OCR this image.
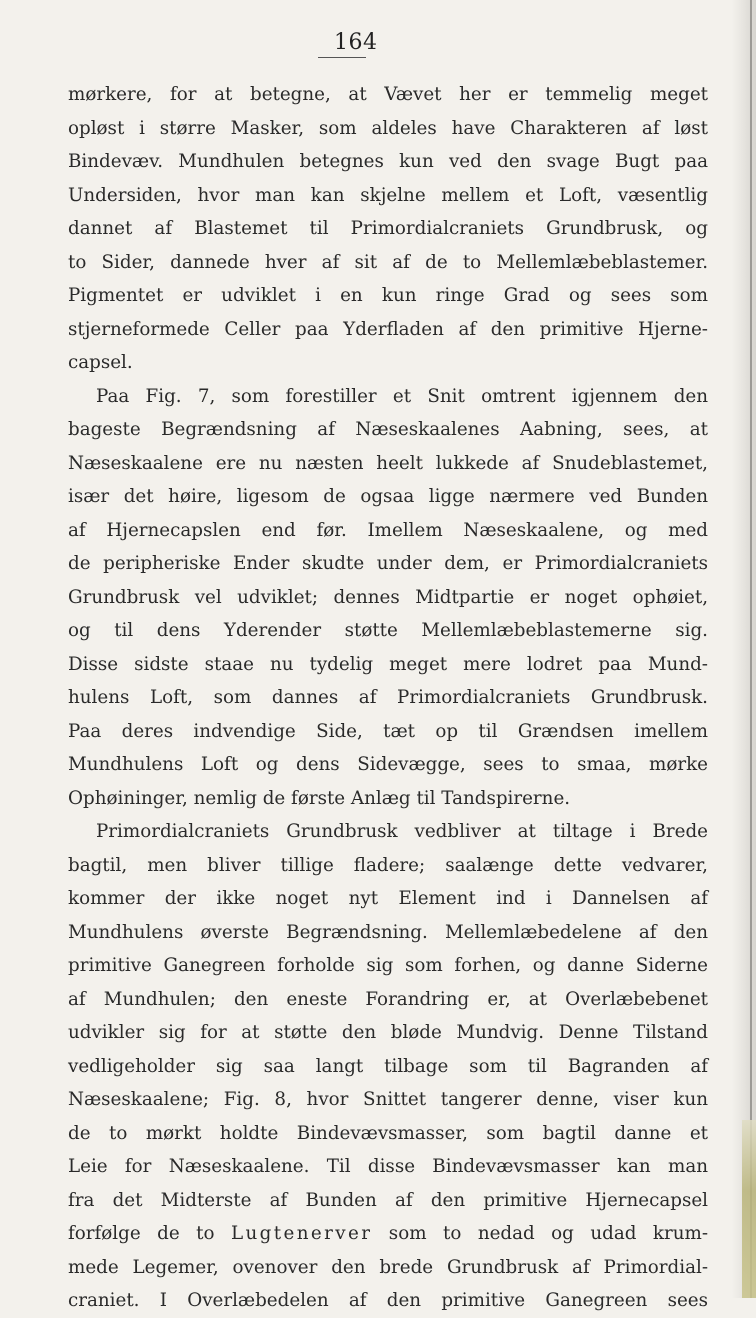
164
mørkere, for at betegne, at Vævet her er temmelig meget
opløst i større Masker, som aldeles have Charakteren af løst
Bindevæv. Mundhulen betegnes kun ved den svage Bugt paa
Undersiden, hvor man kan skjelne mellem et Loft, væsentlig
dannet af Blastemet til Primordialcraniets Grundbrusk, og
to Sider, dannede hver af sit af de to Mellemlæbeblastemer.
Pigmentet er udviklet i en kun ringe Grad og sees som
stjerneformede Celler paa Yderfladen af den primitive Hjerne-
capsel.
Paa Fig. 7, som forestiller et Snit omtrent igjennem den
bageste Begrændsning af Næseskaalenes Aabning, sees, at
Næseskaalene ere nu næsten heelt lukkede af Snudeblastemet,
især det høire, ligesom de ogsaa ligge nærmere ved Bunden
af Hjernecapslen end før. Imellem Næseskaalene, og med
de peripheriske Ender skudte under dem, er Primordialcraniets
Grundbrusk vel udviklet; dennes Midtpartie er noget ophøiet,
og til dens Yderender støtte Mellemlæbeblastemerne sig.
Disse sidste staae nu tydelig meget mere lodret paa Mund-
hulens Loft, som dannes af Primordialcraniets Grundbrusk.
Paa deres indvendige Side, tæt op til Grændsen imellem
Mundhulens Loft og dens Sidevægge, sees to smaa, mørke
Ophøininger, nemlig de første Anlæg til Tandspirerne.
Primordialcraniets Grundbrusk vedbliver at tiltage i Brede
bagtil, men bliver tillige fladere; saalænge dette vedvarer,
kommer der ikke noget nyt Element ind i Dannelsen af
Mundhulens øverste Begrændsning. Mellemlæbedelene af den
primitive Ganegreen forholde sig som forhen, og danne Siderne
af Mundhulen; den eneste Forandring er, at Overlæbebenet
udvikler sig for at støtte den bløde Mundvig. Denne Tilstand
vedligeholder sig saa langt tilbage som til Bagranden af
Næseskaalene; Fig. 8, hvor Snittet tangerer denne, viser kun
de to mørkt holdte Bindevævsmasser, som bagtil danne et
Leie for Næseskaalene. Til disse Bindevævsmasser kan man
fra det Midterste af Bunden af den primitive Hjernecapsel
forfølge de to Lugtenerver som to nedad og udad krum-
mede Legemer, ovenover den brede Grundbrusk af Primordial-
craniet. I Overlæbedelen af den primitive Ganegreen sees
